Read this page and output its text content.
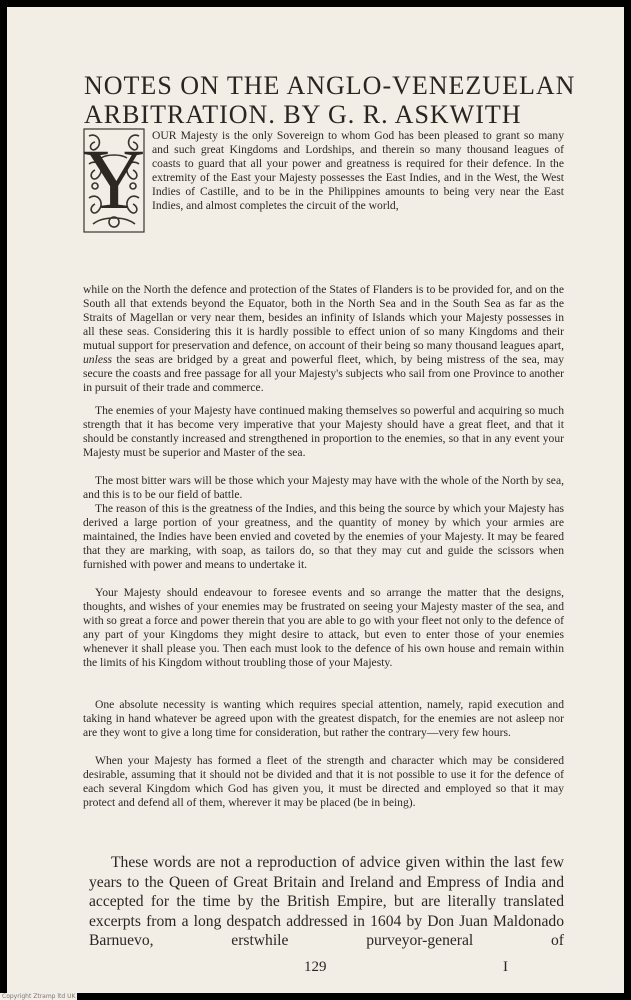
NOTES ON THE ANGLO-VENEZUELAN
ARBITRATION. BY G. R. ASKWITH
Y OUR Majesty is the only Sovereign to whom God has been pleased to grant so many and such great Kingdoms and Lordships, and therein so many thousand leagues of coasts to guard that all your power and greatness is required for their defence. In the extremity of the East your Majesty possesses the East Indies, and in the West, the West Indies of Castille, and to be in the Philippines amounts to being very near the East Indies, and almost completes the circuit of the world,

while on the North the defence and protection of the States of Flanders is to be provided for, and on the South all that extends beyond the Equator, both in the North Sea and in the South Sea as far as the Straits of Magellan or very near them, besides an infinity of Islands which your Majesty possesses in all these seas. Considering this it is hardly possible to effect union of so many Kingdoms and their mutual support for preservation and defence, on account of their being so many thousand leagues apart, unless the seas are bridged by a great and powerful fleet, which, by being mistress of the sea, may secure the coasts and free passage for all your Majesty's subjects who sail from one Province to another in pursuit of their trade and commerce.

The enemies of your Majesty have continued making themselves so powerful and acquiring so much strength that it has become very imperative that your Majesty should have a great fleet, and that it should be constantly increased and strengthened in proportion to the enemies, so that in any event your Majesty must be superior and Master of the sea.

The most bitter wars will be those which your Majesty may have with the whole of the North by sea, and this is to be our field of battle.

The reason of this is the greatness of the Indies, and this being the source by which your Majesty has derived a large portion of your greatness, and the quantity of money by which your armies are maintained, the Indies have been envied and coveted by the enemies of your Majesty. It may be feared that they are marking, with soap, as tailors do, so that they may cut and guide the scissors when furnished with power and means to undertake it.

Your Majesty should endeavour to foresee events and so arrange the matter that the designs, thoughts, and wishes of your enemies may be frustrated on seeing your Majesty master of the sea, and with so great a force and power therein that you are able to go with your fleet not only to the defence of any part of your Kingdoms they might desire to attack, but even to enter those of your enemies whenever it shall please you. Then each must look to the defence of his own house and remain within the limits of his Kingdom without troubling those of your Majesty.

One absolute necessity is wanting which requires special attention, namely, rapid execution and taking in hand whatever be agreed upon with the greatest dispatch, for the enemies are not asleep nor are they wont to give a long time for consideration, but rather the contrary—very few hours.

When your Majesty has formed a fleet of the strength and character which may be considered desirable, assuming that it should not be divided and that it is not possible to use it for the defence of each several Kingdom which God has given you, it must be directed and employed so that it may protect and defend all of them, wherever it may be placed (be in being).

These words are not a reproduction of advice given within the last few years to the Queen of Great Britain and Ireland and Empress of India and accepted for the time by the British Empire, but are literally translated excerpts from a long despatch addressed in 1604 by Don Juan Maldonado Barnuevo, erstwhile purveyor-general of

129	I
Copyright Ztramp ltd UK
